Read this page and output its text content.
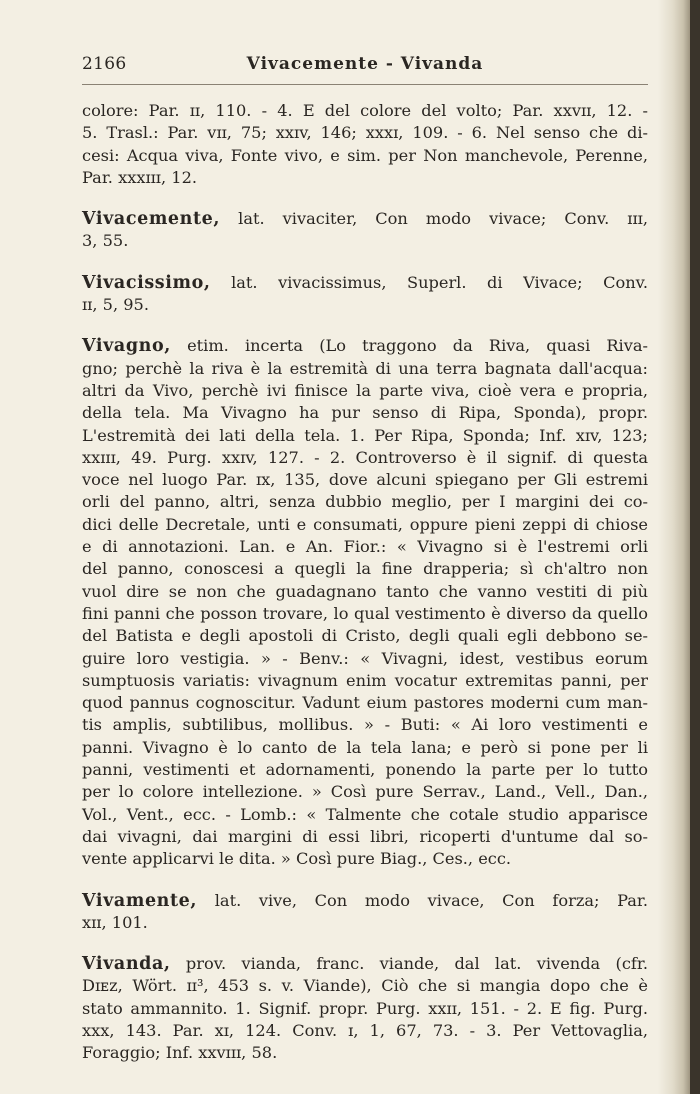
2166	Vivacemente - Vivanda
colore: Par. ɪɪ, 110. - 4. E del colore del volto; Par. xxvɪɪ, 12. -
5. Trasl.: Par. vɪɪ, 75; xxɪv, 146; xxxɪ, 109. - 6. Nel senso che di-
cesi: Acqua viva, Fonte vivo, e sim. per Non manchevole, Perenne,
Par. xxxɪɪɪ, 12.
Vivacemente, lat. vivaciter, Con modo vivace; Conv. ɪɪɪ,
3, 55.
Vivacissimo, lat. vivacissimus, Superl. di Vivace; Conv.
ɪɪ, 5, 95.
Vivagno, etim. incerta (Lo traggono da Riva, quasi Riva-
gno; perchè la riva è la estremità di una terra bagnata dall'acqua:
altri da Vivo, perchè ivi finisce la parte viva, cioè vera e propria,
della tela. Ma Vivagno ha pur senso di Ripa, Sponda), propr.
L'estremità dei lati della tela. 1. Per Ripa, Sponda; Inf. xɪv, 123;
xxɪɪɪ, 49. Purg. xxɪv, 127. - 2. Controverso è il signif. di questa
voce nel luogo Par. ɪx, 135, dove alcuni spiegano per Gli estremi
orli del panno, altri, senza dubbio meglio, per I margini dei co-
dici delle Decretale, unti e consumati, oppure pieni zeppi di chiose
e di annotazioni. Lan. e An. Fior.: « Vivagno si è l'estremi orli
del panno, conoscesi a quegli la fine drapperia; sì ch'altro non
vuol dire se non che guadagnano tanto che vanno vestiti di più
fini panni che posson trovare, lo qual vestimento è diverso da quello
del Batista e degli apostoli di Cristo, degli quali egli debbono se-
guire loro vestigia. » - Benv.: « Vivagni, idest, vestibus eorum
sumptuosis variatis: vivagnum enim vocatur extremitas panni, per
quod pannus cognoscitur. Vadunt eium pastores moderni cum man-
tis amplis, subtilibus, mollibus. » - Buti: « Ai loro vestimenti e
panni. Vivagno è lo canto de la tela lana; e però si pone per li
panni, vestimenti et adornamenti, ponendo la parte per lo tutto
per lo colore intellezione. » Così pure Serrav., Land., Vell., Dan.,
Vol., Vent., ecc. - Lomb.: « Talmente che cotale studio apparisce
dai vivagni, dai margini di essi libri, ricoperti d'untume dal so-
vente applicarvi le dita. » Così pure Biag., Ces., ecc.
Vivamente, lat. vive, Con modo vivace, Con forza; Par.
xɪɪ, 101.
Vivanda, prov. vianda, franc. viande, dal lat. vivenda (cfr.
Dɪᴇᴢ, Wört. ɪɪ³, 453 s. v. Viande), Ciò che si mangia dopo che è
stato ammannito. 1. Signif. propr. Purg. xxɪɪ, 151. - 2. E fig. Purg.
xxx, 143. Par. xɪ, 124. Conv. ɪ, 1, 67, 73. - 3. Per Vettovaglia,
Foraggio; Inf. xxvɪɪɪ, 58.
